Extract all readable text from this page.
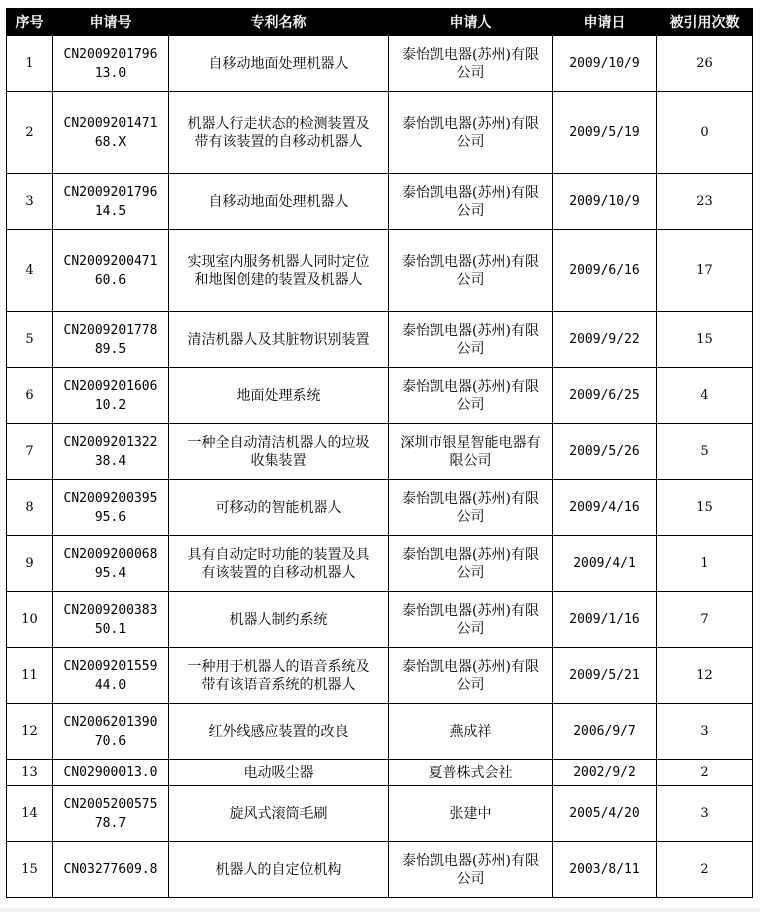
序号	申请号	专利名称	申请人	申请日	被引用次数
1	CN200920179613.0	自移动地面处理机器人	泰怡凯电器(苏州)有限公司	2009/10/9	26
2	CN200920147168.X	机器人行走状态的检测装置及带有该装置的自移动机器人	泰怡凯电器(苏州)有限公司	2009/5/19	0
3	CN200920179614.5	自移动地面处理机器人	泰怡凯电器(苏州)有限公司	2009/10/9	23
4	CN200920047160.6	实现室内服务机器人同时定位和地图创建的装置及机器人	泰怡凯电器(苏州)有限公司	2009/6/16	17
5	CN200920177889.5	清洁机器人及其脏物识别装置	泰怡凯电器(苏州)有限公司	2009/9/22	15
6	CN200920160610.2	地面处理系统	泰怡凯电器(苏州)有限公司	2009/6/25	4
7	CN200920132238.4	一种全自动清洁机器人的垃圾收集装置	深圳市银星智能电器有限公司	2009/5/26	5
8	CN200920039595.6	可移动的智能机器人	泰怡凯电器(苏州)有限公司	2009/4/16	15
9	CN200920006895.4	具有自动定时功能的装置及具有该装置的自移动机器人	泰怡凯电器(苏州)有限公司	2009/4/1	1
10	CN200920038350.1	机器人制约系统	泰怡凯电器(苏州)有限公司	2009/1/16	7
11	CN200920155944.0	一种用于机器人的语音系统及带有该语音系统的机器人	泰怡凯电器(苏州)有限公司	2009/5/21	12
12	CN200620139070.6	红外线感应装置的改良	燕成祥	2006/9/7	3
13	CN02900013.0	电动吸尘器	夏普株式会社	2002/9/2	2
14	CN200520057578.7	旋风式滚筒毛刷	张建中	2005/4/20	3
15	CN03277609.8	机器人的自定位机构	泰怡凯电器(苏州)有限公司	2003/8/11	2
